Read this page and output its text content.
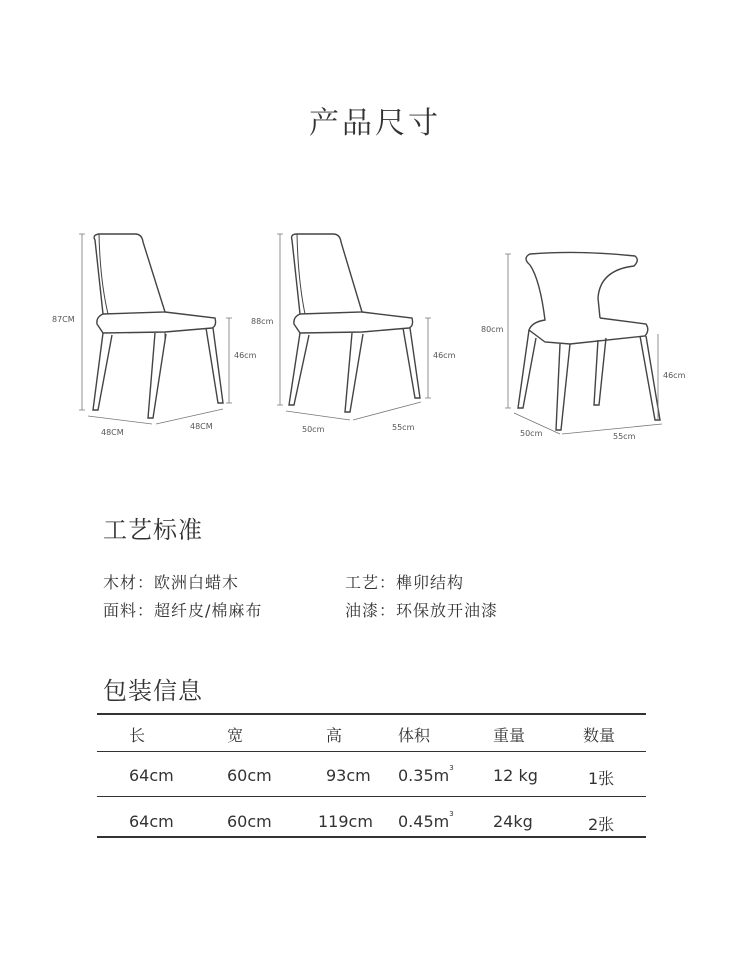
产品尺寸
87CM
46cm
48CM
48CM
88cm
46cm
50cm	55cm
80cm
46cm
50cm	55cm
工艺标准
木材：欧洲白蜡木	工艺：榫卯结构
面料：超纤皮/棉麻布	油漆：环保放开油漆
包装信息
长	宽	高	体积	重量	数量
64cm	60cm	93cm $0.35m^3$ 12 kg	1张
64cm	60cm	119cm $0.45m^3$ 24kg	2张
